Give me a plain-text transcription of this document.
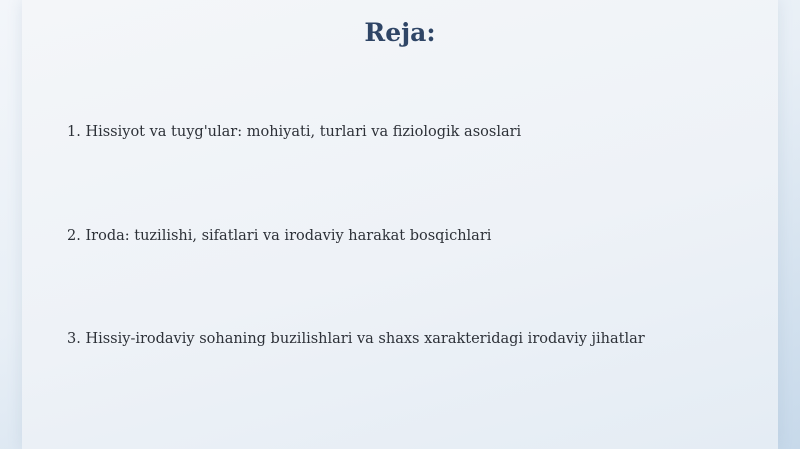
Reja:
1. Hissiyot va tuyg'ular: mohiyati, turlari va fiziologik asoslari
2. Iroda: tuzilishi, sifatlari va irodaviy harakat bosqichlari
3. Hissiy-irodaviy sohaning buzilishlari va shaxs xarakteridagi irodaviy jihatlar
